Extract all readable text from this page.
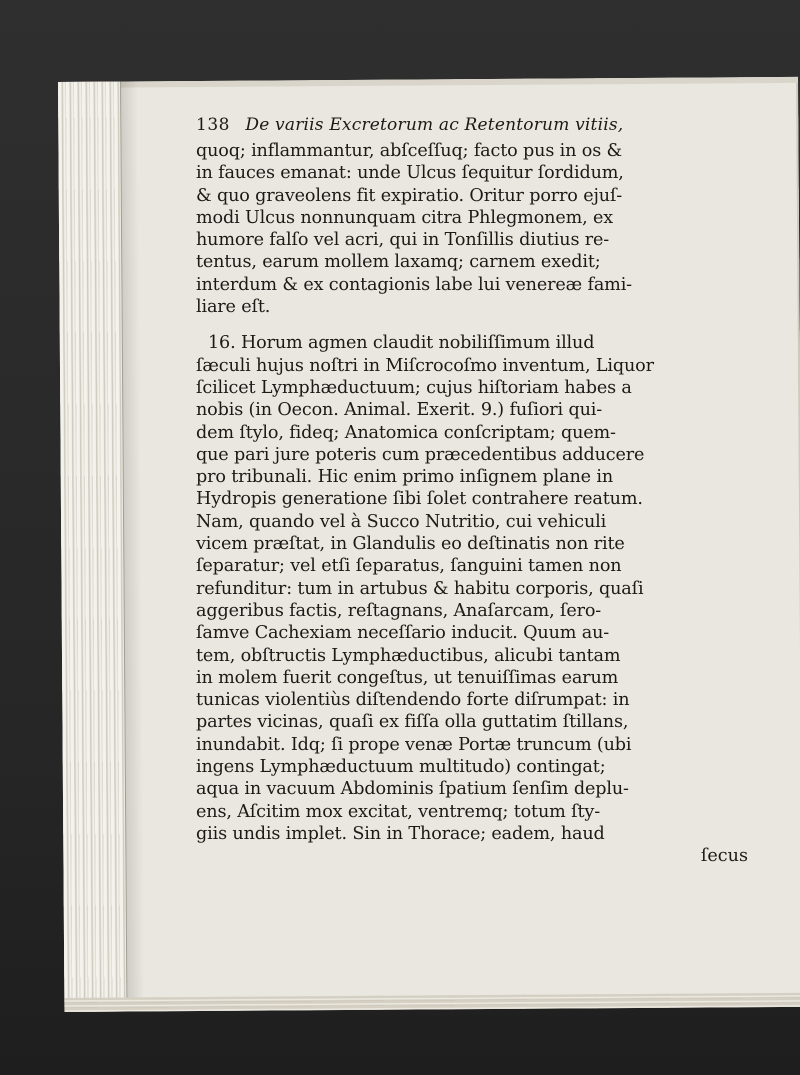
138 De variis Excretorum ac Retentorum vitiis,
quoq; inflammantur, abſceſſuq; facto pus in os &
in fauces emanat: unde Ulcus ſequitur ſordidum,
& quo graveolens fit expiratio. Oritur porro ejuſ-
modi Ulcus nonnunquam citra Phlegmonem, ex
humore falſo vel acri, qui in Tonſillis diutius re-
tentus, earum mollem laxamq; carnem exedit;
interdum & ex contagionis labe lui venereæ fami-
liare eſt.
16. Horum agmen claudit nobiliſſimum illud
ſæculi hujus noſtri in Miſcrocoſmo inventum, Liquor
ſcilicet Lymphæductuum; cujus hiſtoriam habes a
nobis (in Oecon. Animal. Exerit. 9.) fuſiori qui-
dem ſtylo, fideq; Anatomica conſcriptam; quem-
que pari jure poteris cum præcedentibus adducere
pro tribunali. Hic enim primo inſignem plane in
Hydropis generatione ſibi ſolet contrahere reatum.
Nam, quando vel à Succo Nutritio, cui vehiculi
vicem præſtat, in Glandulis eo deſtinatis non rite
ſeparatur; vel etſi ſeparatus, ſanguini tamen non
refunditur: tum in artubus & habitu corporis, quaſi
aggeribus factis, reſtagnans, Anaſarcam, ſero-
ſamve Cachexiam neceſſario inducit. Quum au-
tem, obſtructis Lymphæductibus, alicubi tantam
in molem fuerit congeſtus, ut tenuiſſimas earum
tunicas violentiùs diſtendendo forte diſrumpat: in
partes vicinas, quaſi ex fiſſa olla guttatim ſtillans,
inundabit. Idq; ſi prope venæ Portæ truncum (ubi
ingens Lymphæductuum multitudo) contingat;
aqua in vacuum Abdominis ſpatium ſenſim deplu-
ens, Aſcitim mox excitat, ventremq; totum ſty-
giis undis implet. Sin in Thorace; eadem, haud
ſecus
